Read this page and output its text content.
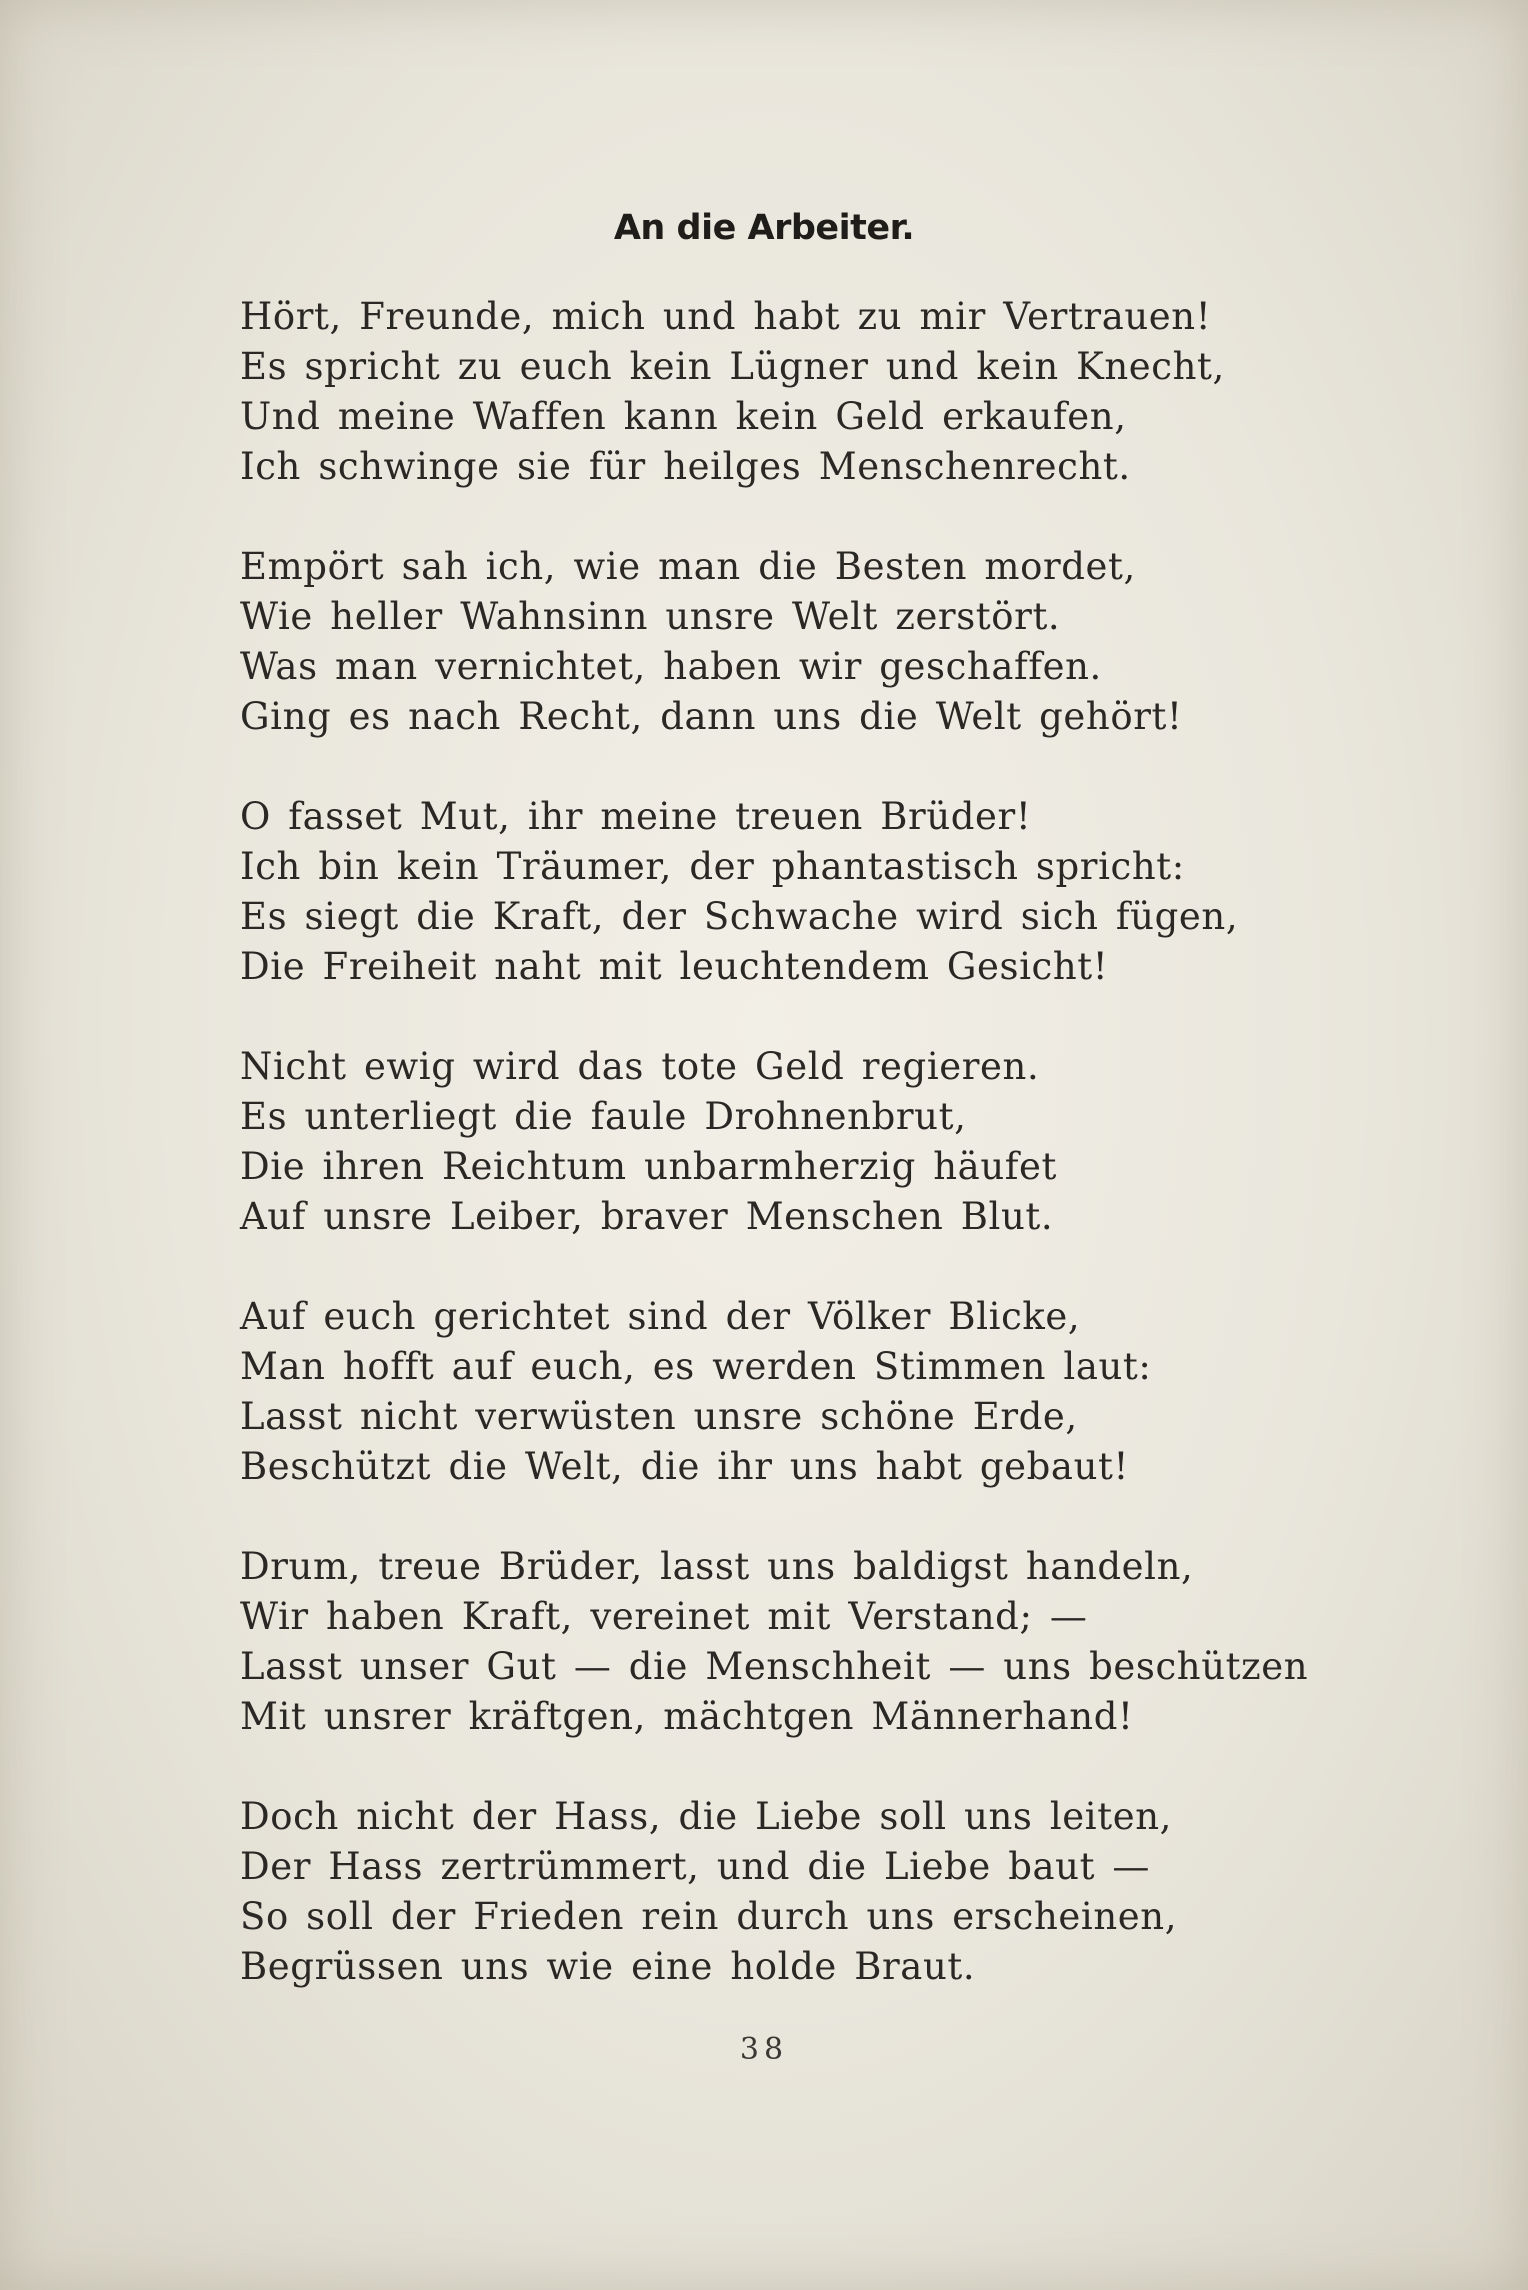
An die Arbeiter.
Hört, Freunde, mich und habt zu mir Vertrauen!
Es spricht zu euch kein Lügner und kein Knecht,
Und meine Waffen kann kein Geld erkaufen,
Ich schwinge sie für heilges Menschenrecht.
Empört sah ich, wie man die Besten mordet,
Wie heller Wahnsinn unsre Welt zerstört.
Was man vernichtet, haben wir geschaffen.
Ging es nach Recht, dann uns die Welt gehört!
O fasset Mut, ihr meine treuen Brüder!
Ich bin kein Träumer, der phantastisch spricht:
Es siegt die Kraft, der Schwache wird sich fügen,
Die Freiheit naht mit leuchtendem Gesicht!
Nicht ewig wird das tote Geld regieren.
Es unterliegt die faule Drohnenbrut,
Die ihren Reichtum unbarmherzig häufet
Auf unsre Leiber, braver Menschen Blut.
Auf euch gerichtet sind der Völker Blicke,
Man hofft auf euch, es werden Stimmen laut:
Lasst nicht verwüsten unsre schöne Erde,
Beschützt die Welt, die ihr uns habt gebaut!
Drum, treue Brüder, lasst uns baldigst handeln,
Wir haben Kraft, vereinet mit Verstand; —
Lasst unser Gut — die Menschheit — uns beschützen
Mit unsrer kräftgen, mächtgen Männerhand!
Doch nicht der Hass, die Liebe soll uns leiten,
Der Hass zertrümmert, und die Liebe baut —
So soll der Frieden rein durch uns erscheinen,
Begrüssen uns wie eine holde Braut.
38
